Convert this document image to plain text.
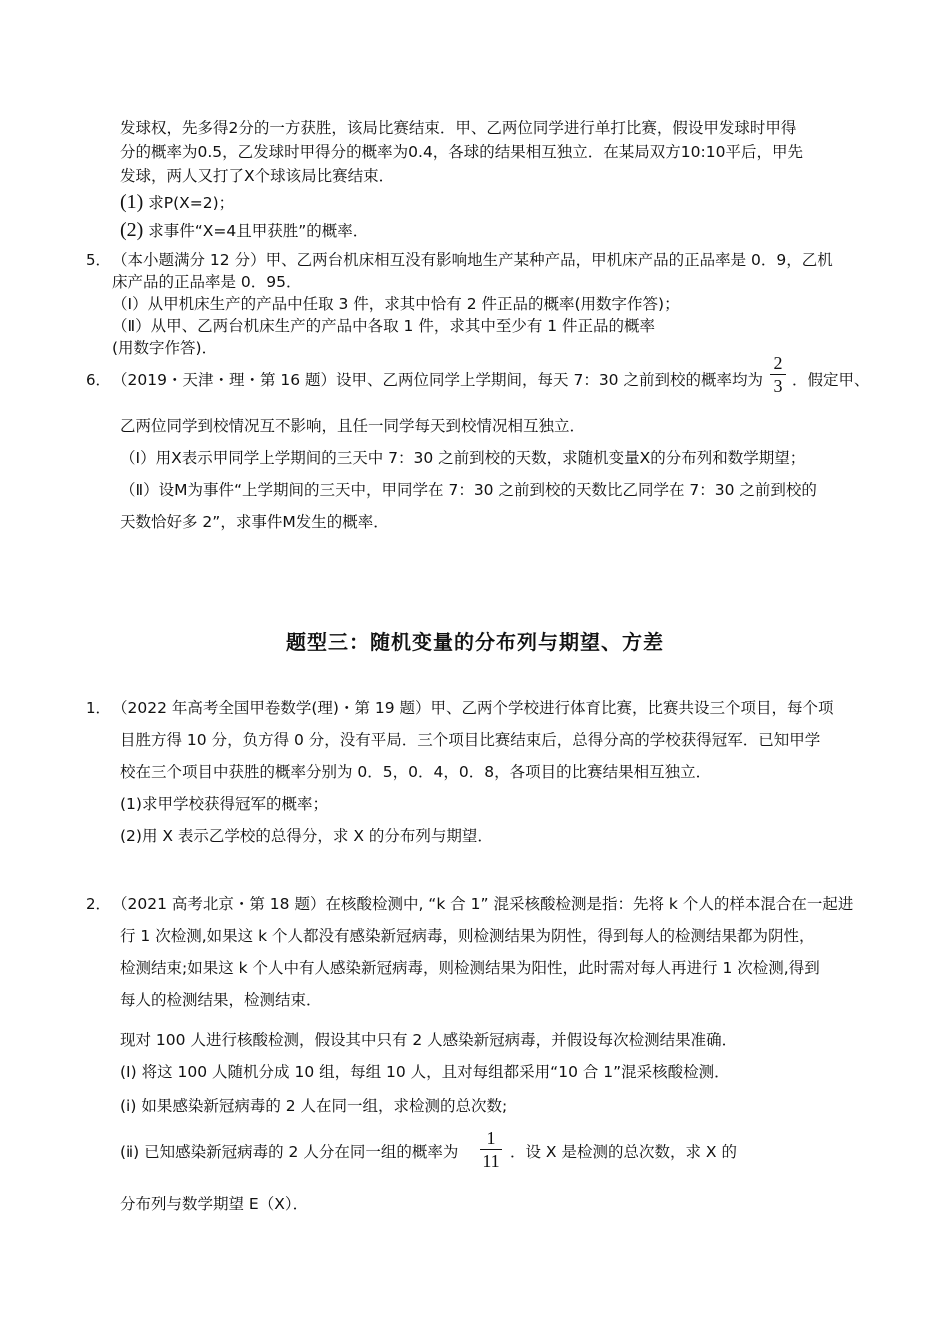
发球权，先多得2分的一方获胜，该局比赛结束．甲、乙两位同学进行单打比赛，假设甲发球时甲得
分的概率为0.5，乙发球时甲得分的概率为0.4，各球的结果相互独立．在某局双方10:10平后，甲先
发球，两人又打了X个球该局比赛结束．
(1) 求P(X=2)；
(2) 求事件“X=4且甲获胜”的概率．
5． （本小题满分 12 分）甲、乙两台机床相互没有影响地生产某种产品，甲机床产品的正品率是 0．9，乙机
床产品的正品率是 0．95．
（Ⅰ）从甲机床生产的产品中任取 3 件，求其中恰有 2 件正品的概率(用数字作答)；
（Ⅱ）从甲、乙两台机床生产的产品中各取 1 件，求其中至少有 1 件正品的概率
(用数字作答)．
6． （2019・天津・理・第 16 题）设甲、乙两位同学上学期间，每天 7：30 之前到校的概率均为
2
3 ．假定甲、
乙两位同学到校情况互不影响，且任一同学每天到校情况相互独立．
（Ⅰ）用X表示甲同学上学期间的三天中 7：30 之前到校的天数，求随机变量X的分布列和数学期望；
（Ⅱ）设M为事件“上学期间的三天中，甲同学在 7：30 之前到校的天数比乙同学在 7：30 之前到校的
天数恰好多 2”，求事件M发生的概率．
题型三：随机变量的分布列与期望、方差
1． （2022 年高考全国甲卷数学(理)・第 19 题）甲、乙两个学校进行体育比赛，比赛共设三个项目，每个项
目胜方得 10 分，负方得 0 分，没有平局．三个项目比赛结束后，总得分高的学校获得冠军．已知甲学
校在三个项目中获胜的概率分别为 0．5，0．4，0．8，各项目的比赛结果相互独立．
(1)求甲学校获得冠军的概率；
(2)用 X 表示乙学校的总得分，求 X 的分布列与期望．
2． （2021 高考北京・第 18 题）在核酸检测中, “k 合 1” 混采核酸检测是指：先将 k 个人的样本混合在一起进
行 1 次检测,如果这 k 个人都没有感染新冠病毒，则检测结果为阴性，得到每人的检测结果都为阴性，
检测结束;如果这 k 个人中有人感染新冠病毒，则检测结果为阳性，此时需对每人再进行 1 次检测,得到
每人的检测结果，检测结束．
现对 100 人进行核酸检测，假设其中只有 2 人感染新冠病毒，并假设每次检测结果准确．
(Ⅰ) 将这 100 人随机分成 10 组，每组 10 人，且对每组都采用“10 合 1”混采核酸检测．
(ⅰ) 如果感染新冠病毒的 2 人在同一组，求检测的总次数;
(ⅱ) 已知感染新冠病毒的 2 人分在同一组的概率为
1
11 ．设 X 是检测的总次数，求 X 的
分布列与数学期望 E（X）．
